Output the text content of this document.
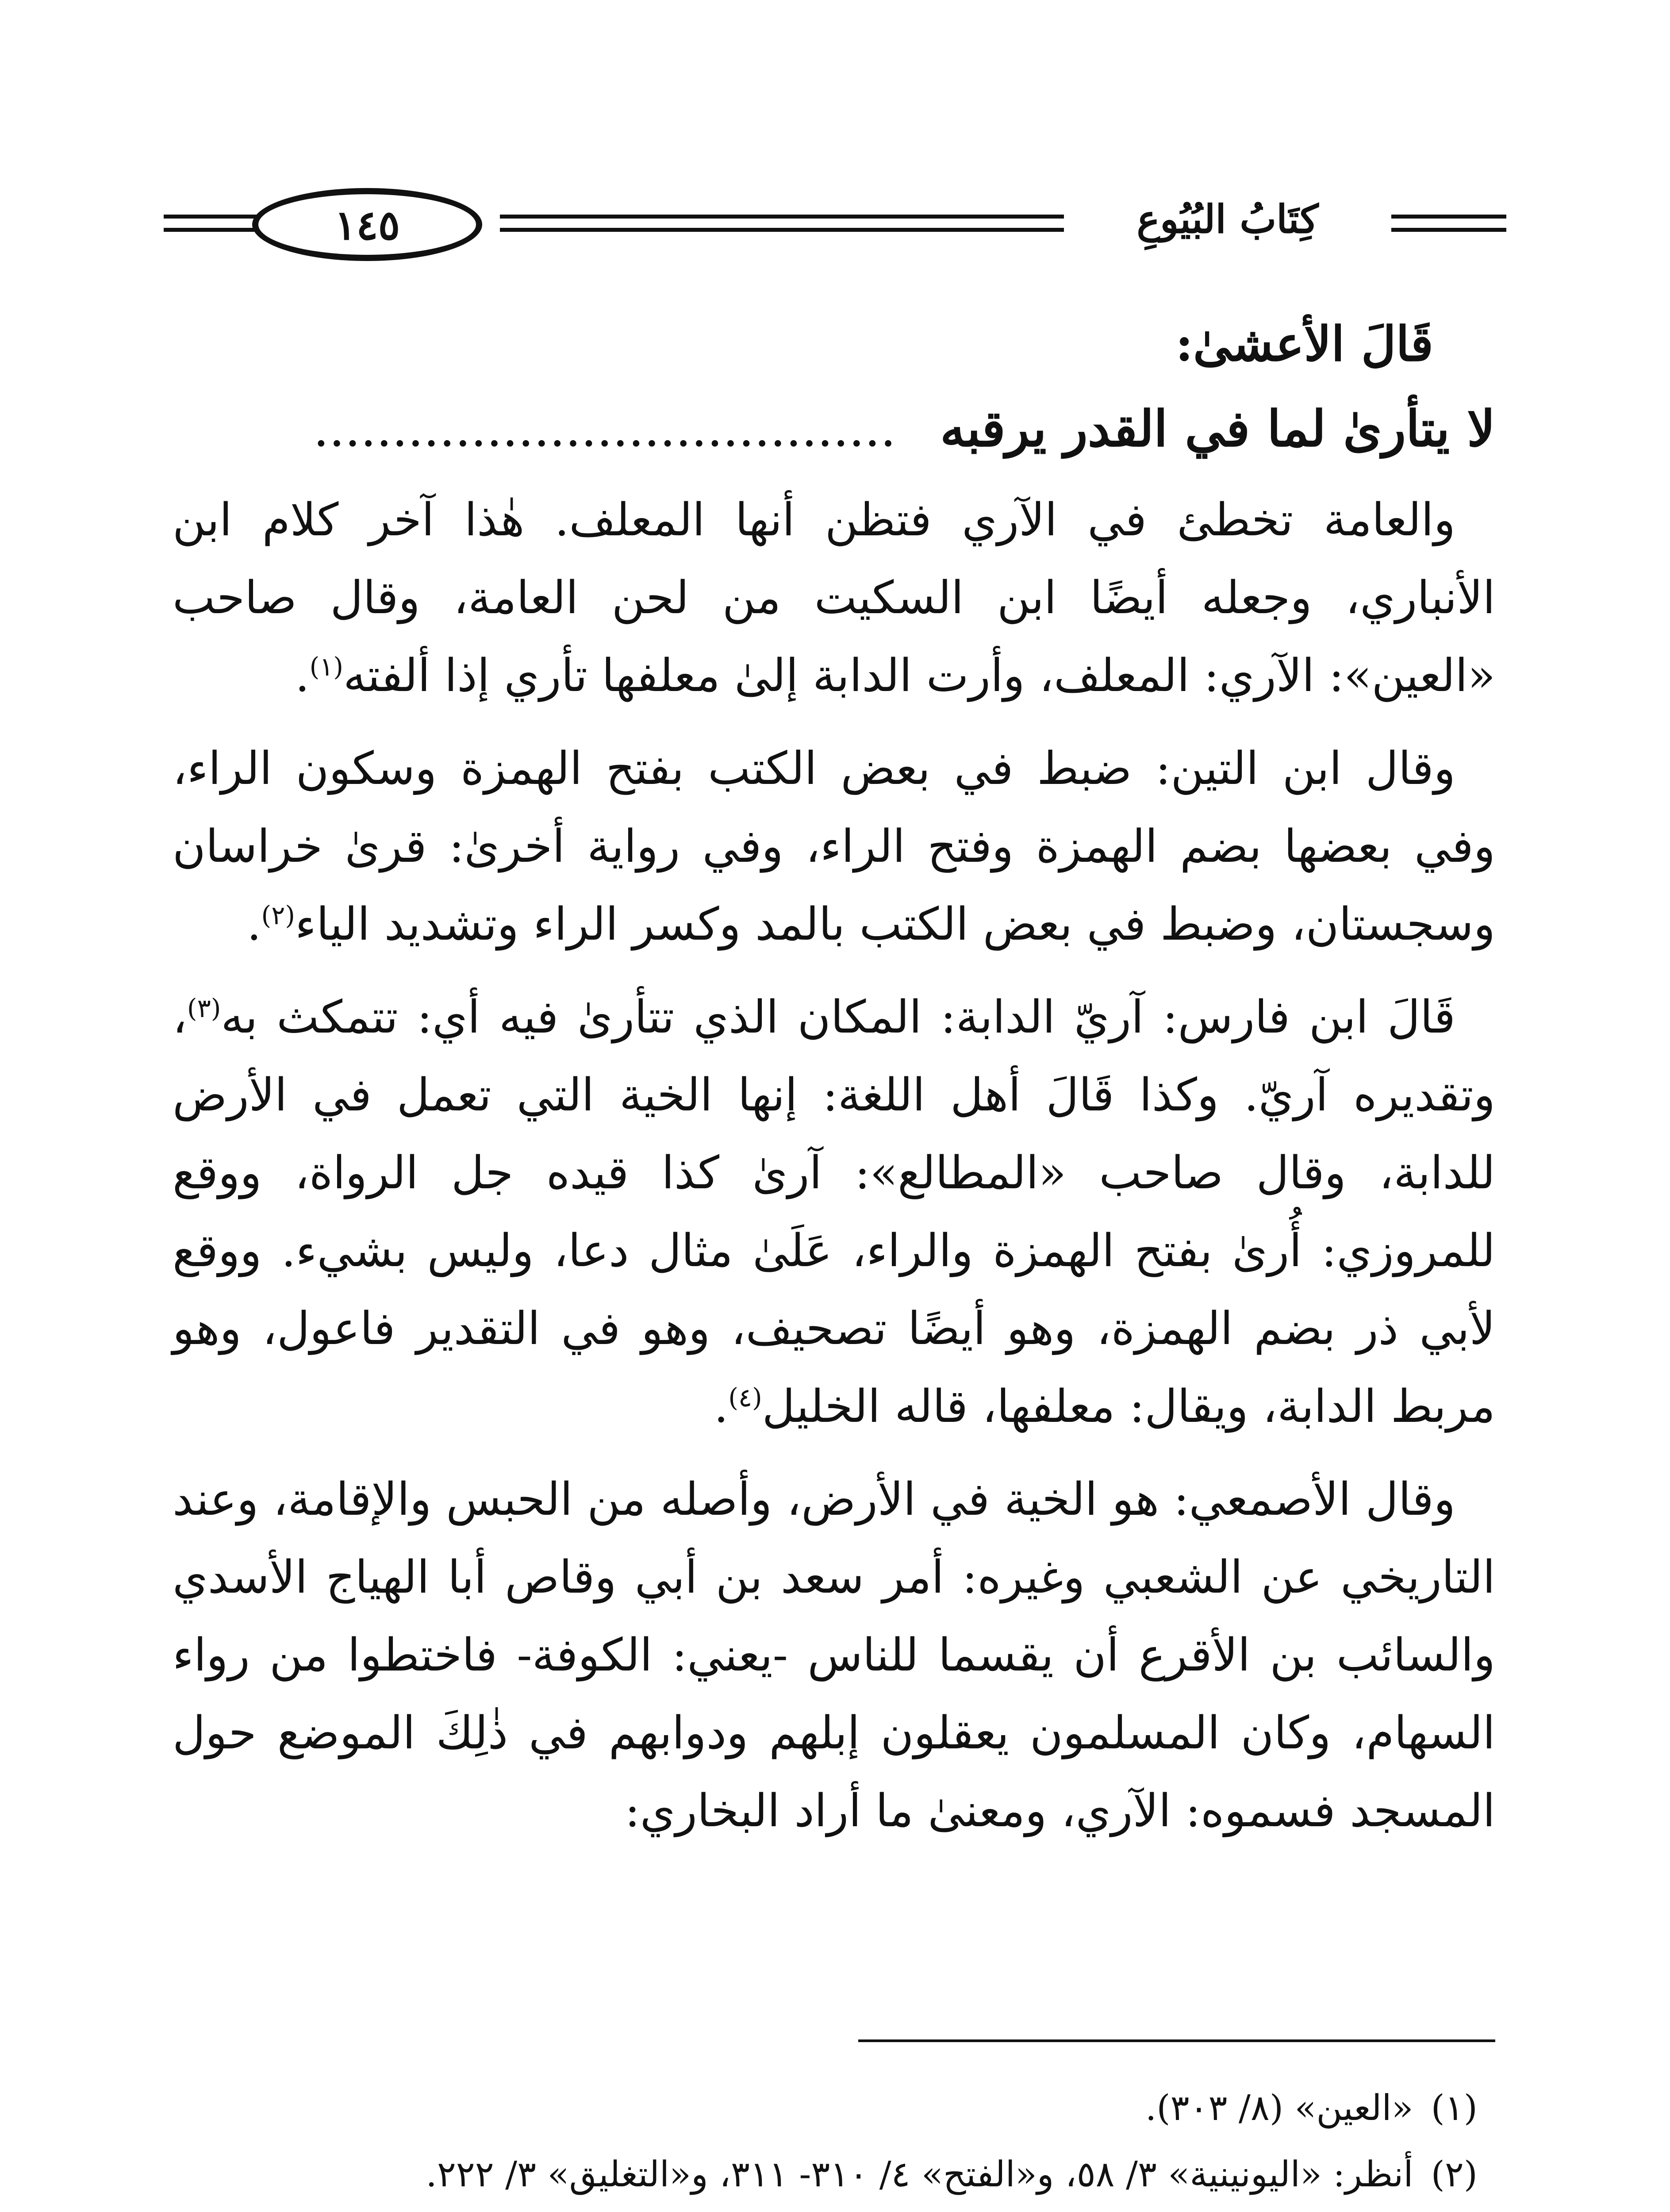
كِتَابُ البُيُوعِ
١٤٥

قَالَ الأعشىٰ:

لا يتأرىٰ لما في القدر يرقبه.....................................

والعامة تخطئ في الآري فتظن أنها المعلف. هٰذا آخر كلام ابن الأنباري، وجعله أيضًا ابن السكيت من لحن العامة، وقال صاحب «العين»: الآري: المعلف، وأرت الدابة إلىٰ معلفها تأري إذا ألفته$^{(١)}$.

وقال ابن التين: ضبط في بعض الكتب بفتح الهمزة وسكون الراء، وفي بعضها بضم الهمزة وفتح الراء، وفي رواية أخرىٰ: قرىٰ خراسان وسجستان، وضبط في بعض الكتب بالمد وكسر الراء وتشديد الياء$^{(٢)}$.

قَالَ ابن فارس: آريّ الدابة: المكان الذي تتأرىٰ فيه أي: تتمكث به$^{(٣)}$، وتقديره آريّ. وكذا قَالَ أهل اللغة: إنها الخية التي تعمل في الأرض للدابة، وقال صاحب «المطالع»: آرىٰ كذا قيده جل الرواة، ووقع للمروزي: أُرىٰ بفتح الهمزة والراء، عَلَىٰ مثال دعا، وليس بشيء. ووقع لأبي ذر بضم الهمزة، وهو أيضًا تصحيف، وهو في التقدير فاعول، وهو مربط الدابة، ويقال: معلفها، قاله الخليل$^{(٤)}$.

وقال الأصمعي: هو الخية في الأرض، وأصله من الحبس والإقامة، وعند التاريخي عن الشعبي وغيره: أمر سعد بن أبي وقاص أبا الهياج الأسدي والسائب بن الأقرع أن يقسما للناس -يعني: الكوفة- فاختطوا من رواء السهام، وكان المسلمون يعقلون إبلهم ودوابهم في ذٰلِكَ الموضع حول المسجد فسموه: الآري، ومعنىٰ ما أراد البخاري:

(١)«العين» (٨/ ٣٠٣).

(٢)أنظر: «اليونينية» ٣/ ٥٨، و«الفتح» ٤/ ٣١٠- ٣١١، و«التغليق» ٣/ ٢٢٢.
